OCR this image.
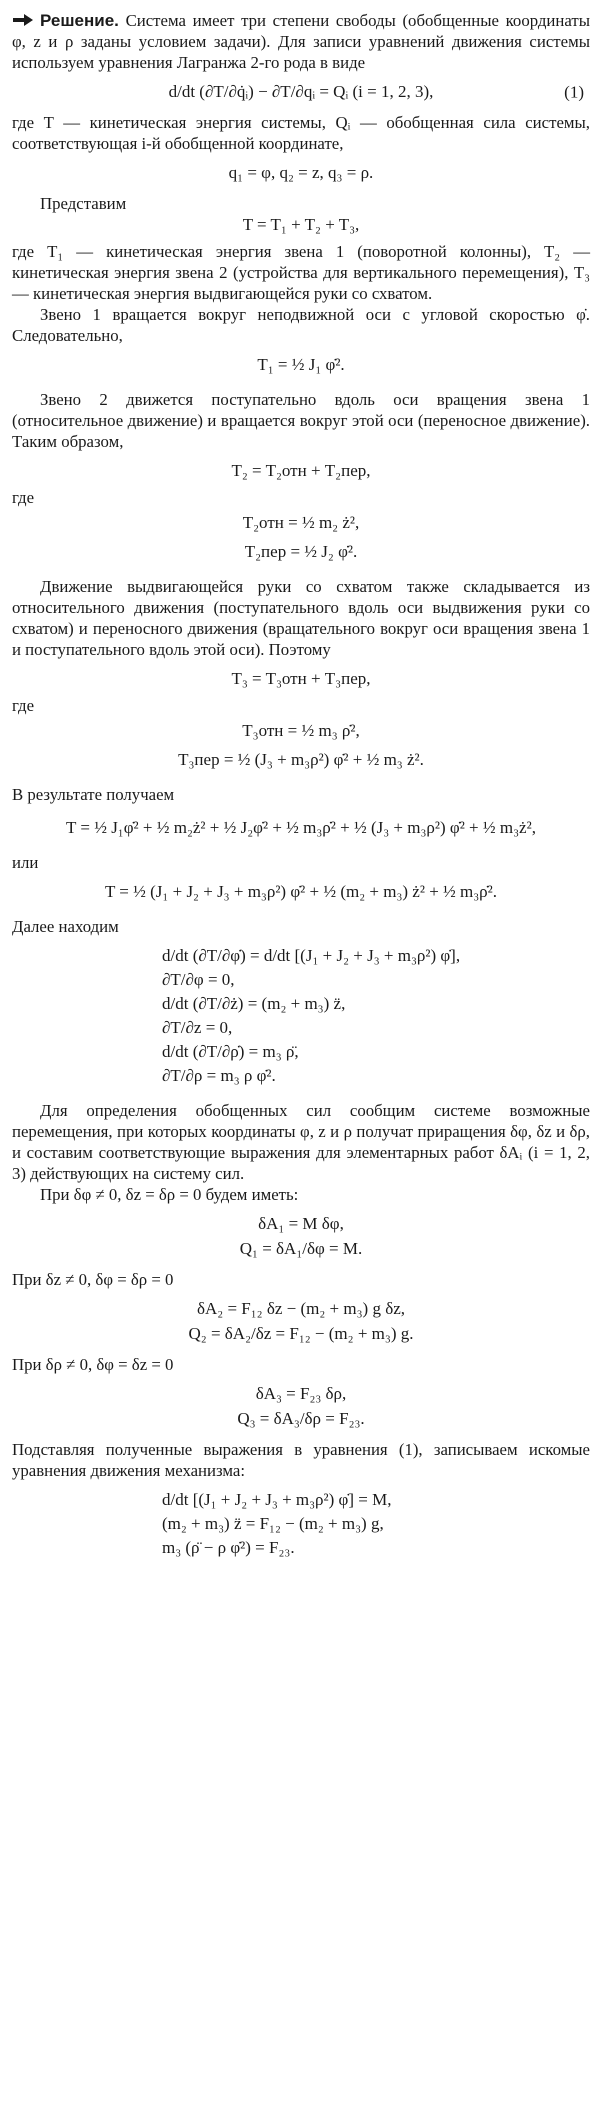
Решение. Система имеет три степени свободы (обобщенные координаты φ, z и ρ заданы условием задачи). Для записи уравнений движения системы используем уравнения Лагранжа 2-го рода в виде

d/dt (∂T/∂q̇ᵢ) − ∂T/∂qᵢ = Qᵢ (i = 1, 2, 3),	(1)

где T — кинетическая энергия системы, Qᵢ — обобщенная сила системы, соответствующая i-й обобщенной координате,

q₁ = φ, q₂ = z, q₃ = ρ.

Представим

T = T₁ + T₂ + T₃,

где T₁ — кинетическая энергия звена 1 (поворотной колонны), T₂ — кинетическая энергия звена 2 (устройства для вертикального перемещения), T₃ — кинетическая энергия выдвигающейся руки со схватом.

Звено 1 вращается вокруг неподвижной оси с угловой скоростью φ̇. Следовательно,

T₁ = ½ J₁ φ̇².

Звено 2 движется поступательно вдоль оси вращения звена 1 (относительное движение) и вращается вокруг этой оси (переносное движение). Таким образом,

T₂ = T₂отн + T₂пер,

где

T₂отн = ½ m₂ ż²,
T₂пер = ½ J₂ φ̇².

Движение выдвигающейся руки со схватом также складывается из относительного движения (поступательного вдоль оси выдвижения руки со схватом) и переносного движения (вращательного вокруг оси вращения звена 1 и поступательного вдоль этой оси). Поэтому

T₃ = T₃отн + T₃пер,

где

T₃отн = ½ m₃ ρ̇²,
T₃пер = ½ (J₃ + m₃ρ²) φ̇² + ½ m₃ ż².

В результате получаем

T = ½ J₁φ̇² + ½ m₂ż² + ½ J₂φ̇² + ½ m₃ρ̇² + ½ (J₃ + m₃ρ²) φ̇² + ½ m₃ż²,

или

T = ½ (J₁ + J₂ + J₃ + m₃ρ²) φ̇² + ½ (m₂ + m₃) ż² + ½ m₃ρ̇².

Далее находим

d/dt (∂T/∂φ̇) = d/dt [(J₁ + J₂ + J₃ + m₃ρ²) φ̇],
∂T/∂φ = 0,
d/dt (∂T/∂ż) = (m₂ + m₃) z̈,
∂T/∂z = 0,
d/dt (∂T/∂ρ̇) = m₃ ρ̈,
∂T/∂ρ = m₃ ρ φ̇².

Для определения обобщенных сил сообщим системе возможные перемещения, при которых координаты φ, z и ρ получат приращения δφ, δz и δρ, и составим соответствующие выражения для элементарных работ δAᵢ (i = 1, 2, 3) действующих на систему сил.

При δφ ≠ 0, δz = δρ = 0 будем иметь:

δA₁ = M δφ,
Q₁ = δA₁/δφ = M.

При δz ≠ 0, δφ = δρ = 0

δA₂ = F₁₂ δz − (m₂ + m₃) g δz,
Q₂ = δA₂/δz = F₁₂ − (m₂ + m₃) g.

При δρ ≠ 0, δφ = δz = 0

δA₃ = F₂₃ δρ,
Q₃ = δA₃/δρ = F₂₃.

Подставляя полученные выражения в уравнения (1), записываем искомые уравнения движения механизма:

d/dt [(J₁ + J₂ + J₃ + m₃ρ²) φ̇] = M,
(m₂ + m₃) z̈ = F₁₂ − (m₂ + m₃) g,
m₃ (ρ̈ − ρ φ̇²) = F₂₃.
